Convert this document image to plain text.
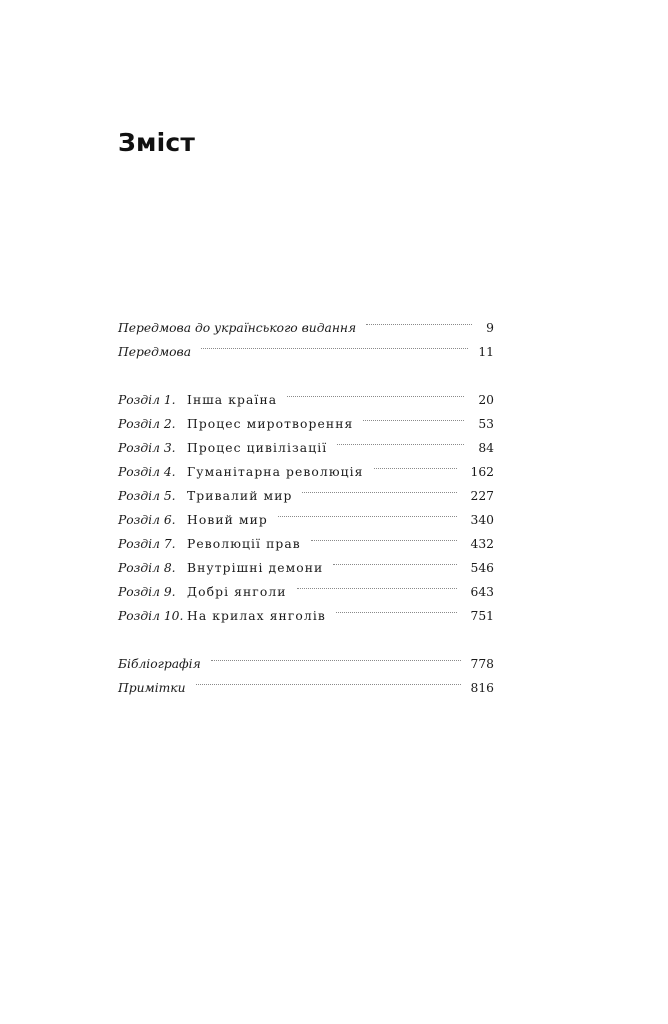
Зміст
Передмова до українського видання	9
Передмова	11
Розділ 1. Інша країна	20
Розділ 2. Процес миротворення	53
Розділ 3. Процес цивілізації	84
Розділ 4. Гуманітарна революція	162
Розділ 5. Тривалий мир	227
Розділ 6. Новий мир	340
Розділ 7. Революції прав	432
Розділ 8. Внутрішні демони	546
Розділ 9. Добрі янголи	643
Розділ 10. На крилах янголів	751
Бібліографія	778
Примітки	816
